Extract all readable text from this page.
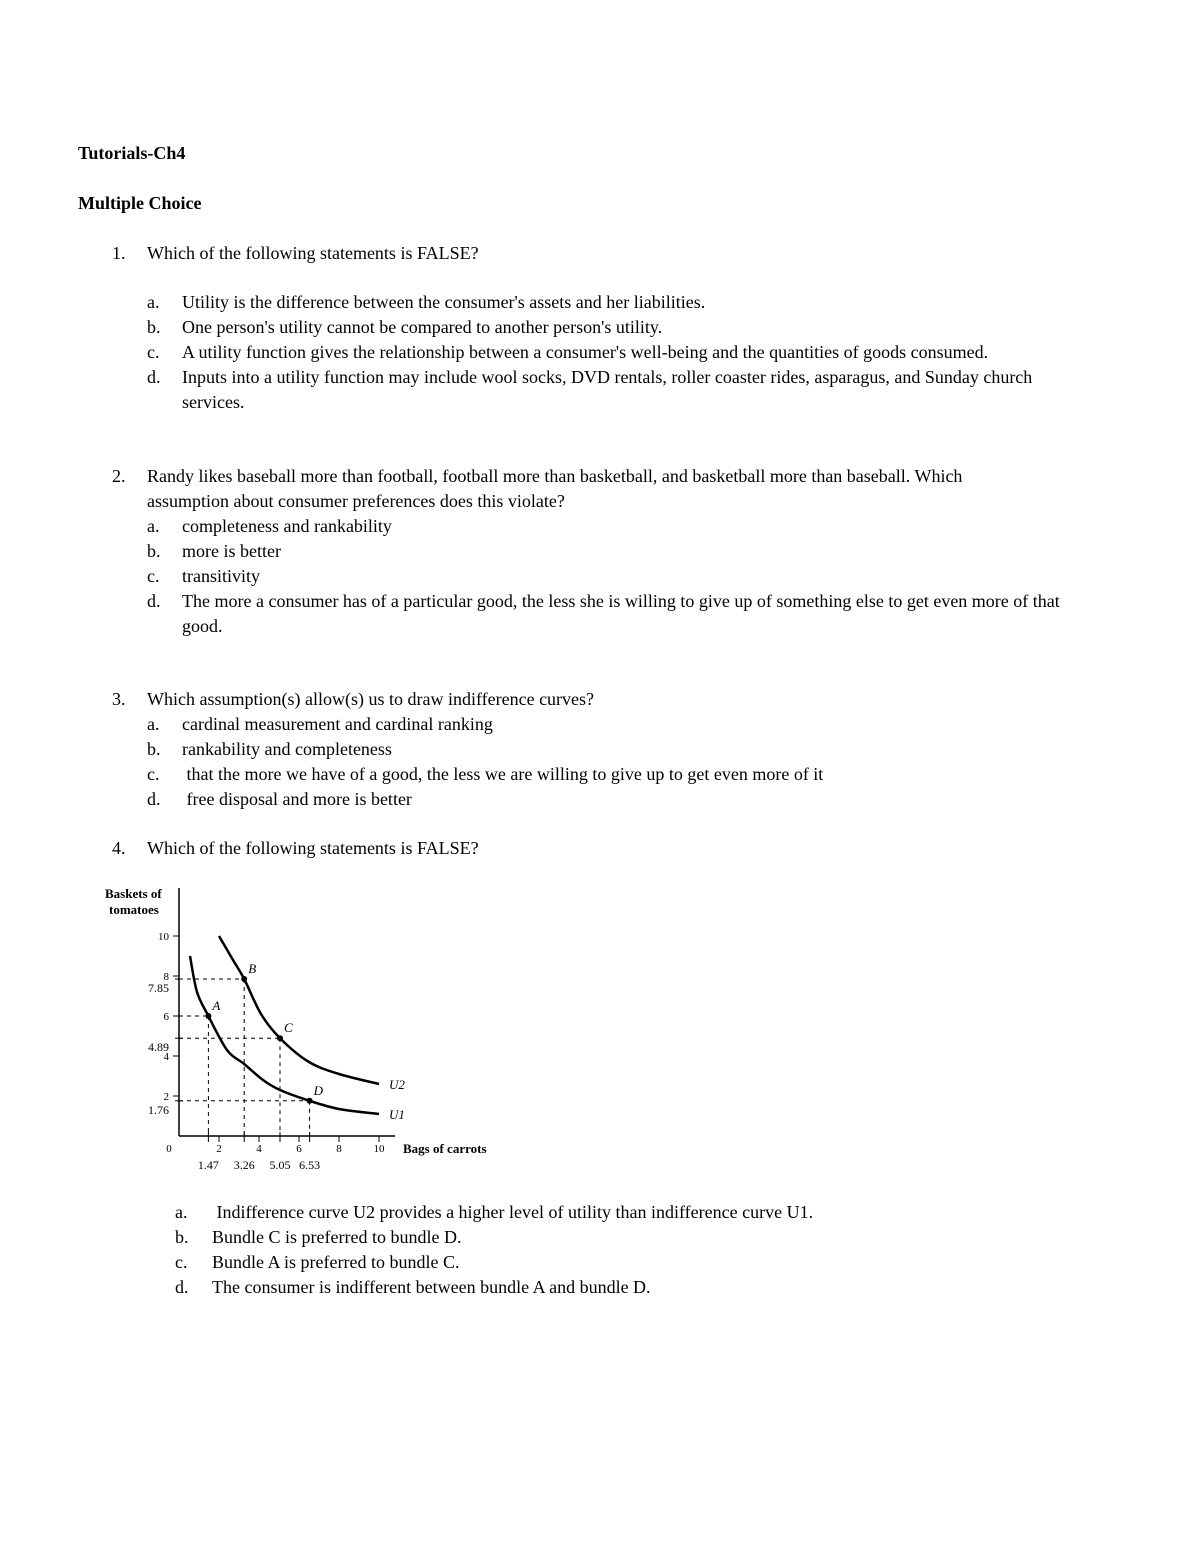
Tutorials-Ch4
Multiple Choice
1. Which of the following statements is FALSE?
a. Utility is the difference between the consumer's assets and her liabilities.
b. One person's utility cannot be compared to another person's utility.
c. A utility function gives the relationship between a consumer's well-being and the quantities of goods consumed.
d. Inputs into a utility function may include wool socks, DVD rentals, roller coaster rides, asparagus, and Sunday church services.
2. Randy likes baseball more than football, football more than basketball, and basketball more than baseball. Which assumption about consumer preferences does this violate?
a. completeness and rankability
b. more is better
c. transitivity
d. The more a consumer has of a particular good, the less she is willing to give up of something else to get even more of that good.
3. Which assumption(s) allow(s) us to draw indifference curves?
a. cardinal measurement and cardinal ranking
b. rankability and completeness
c. that the more we have of a good, the less we are willing to give up to get even more of it
d. free disposal and more is better
4. Which of the following statements is FALSE?
Baskets of tomatoes
Bags of carrots
0	2	4	6	8	10
2
4
6
8
10
1.47 3.26 5.05 6.53
1.76
4.89
7.85
U2
U1
A
B
C
D
a. Indifference curve U2 provides a higher level of utility than indifference curve U1.
b. Bundle C is preferred to bundle D.
c. Bundle A is preferred to bundle C.
d. The consumer is indifferent between bundle A and bundle D.
